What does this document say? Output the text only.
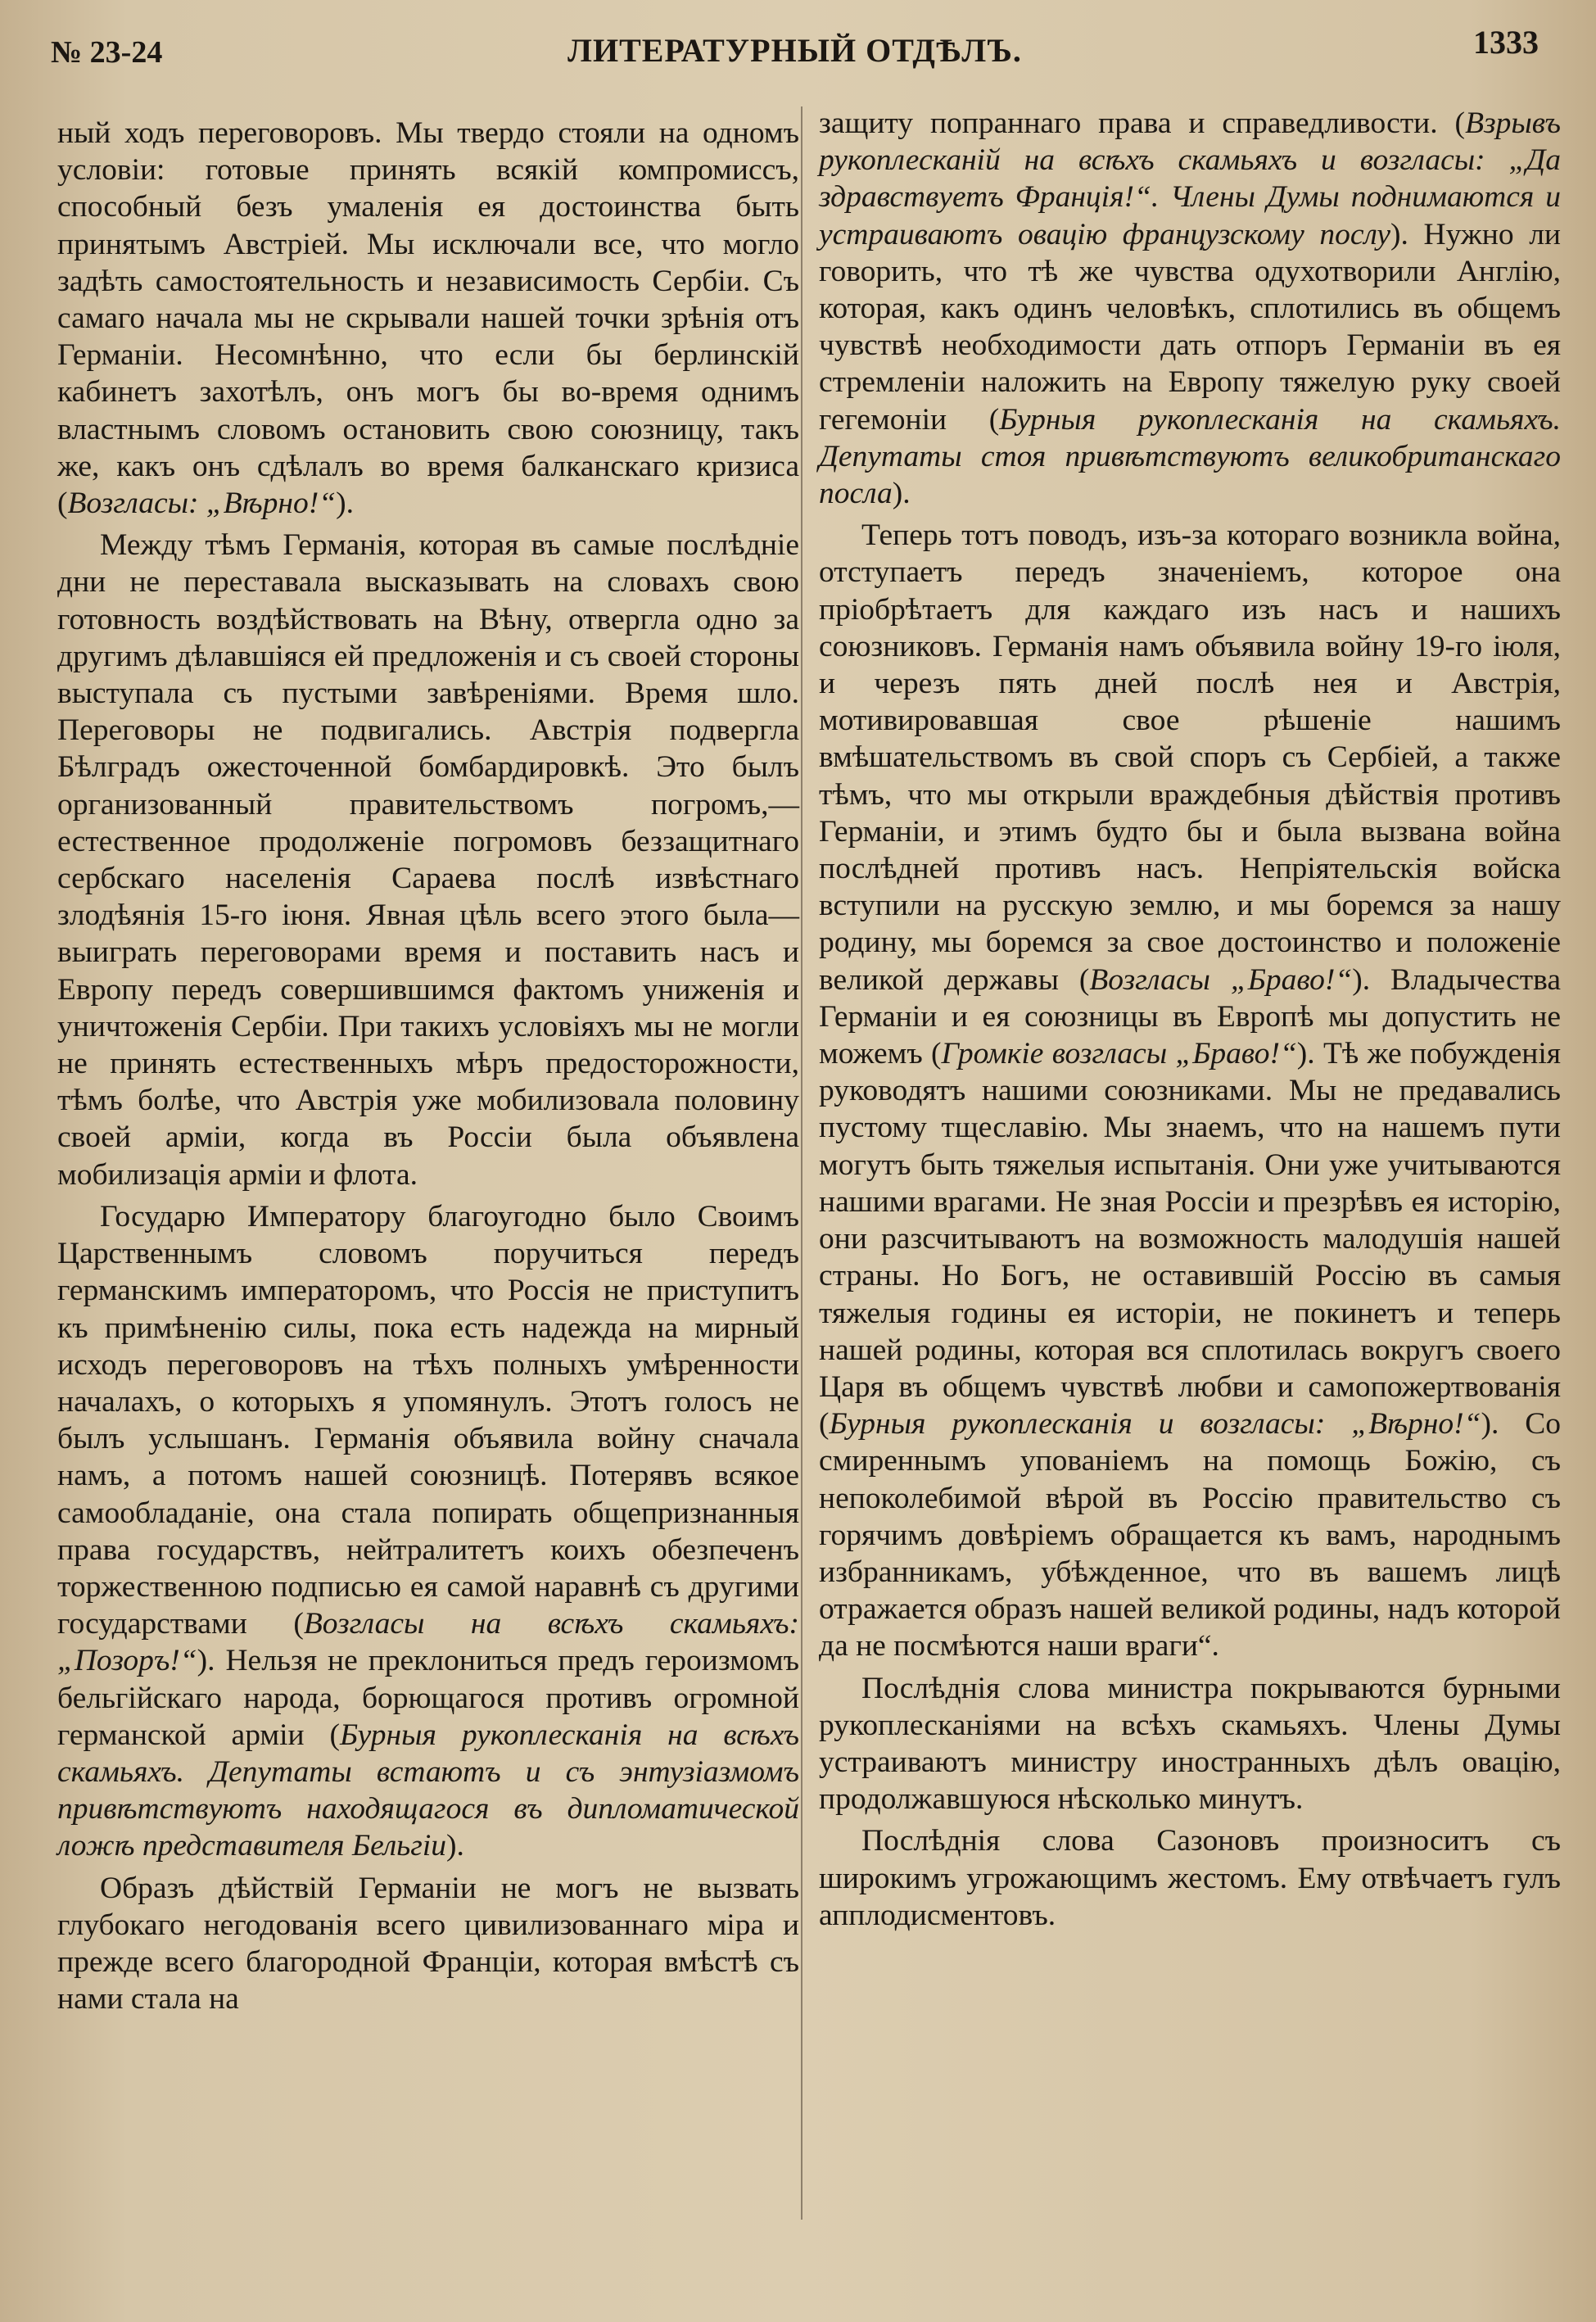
№ 23-24	ЛИТЕРАТУРНЫЙ ОТДѢЛЪ.	1333

ный ходъ переговоровъ. Мы твердо стояли на одномъ условіи: готовые принять всякій компромиссъ, способный безъ умаленія ея достоинства быть принятымъ Австріей. Мы исключали все, что могло задѣть самостоятельность и независимость Сербіи. Съ самаго начала мы не скрывали нашей точки зрѣнія отъ Германіи. Несомнѣнно, что если бы берлинскій кабинетъ захотѣлъ, онъ могъ бы во-время однимъ властнымъ словомъ остановить свою союзницу, такъ же, какъ онъ сдѣлалъ во время балканскаго кризиса (Возгласы: „Вѣрно!“).

Между тѣмъ Германія, которая въ самые послѣдніе дни не переставала высказывать на словахъ свою готовность воздѣйствовать на Вѣну, отвергла одно за другимъ дѣлавшіяся ей предложенія и съ своей стороны выступала съ пустыми завѣреніями. Время шло. Переговоры не подвигались. Австрія подвергла Бѣлградъ ожесточенной бомбардировкѣ. Это былъ организованный правительствомъ погромъ,— естественное продолженіе погромовъ беззащитнаго сербскаго населенія Сараева послѣ извѣстнаго злодѣянія 15-го іюня. Явная цѣль всего этого была—выиграть переговорами время и поставить насъ и Европу передъ совершившимся фактомъ униженія и уничтоженія Сербіи. При такихъ условіяхъ мы не могли не принять естественныхъ мѣръ предосторожности, тѣмъ болѣе, что Австрія уже мобилизовала половину своей арміи, когда въ Россіи была объявлена мобилизація арміи и флота.

Государю Императору благоугодно было Своимъ Царственнымъ словомъ поручиться передъ германскимъ императоромъ, что Россія не приступитъ къ примѣненію силы, пока есть надежда на мирный исходъ переговоровъ на тѣхъ полныхъ умѣренности началахъ, о которыхъ я упомянулъ. Этотъ голосъ не былъ услышанъ. Германія объявила войну сначала намъ, а потомъ нашей союзницѣ. Потерявъ всякое самообладаніе, она стала попирать общепризнанныя права государствъ, нейтралитетъ коихъ обезпеченъ торжественною подписью ея самой наравнѣ съ другими государствами (Возгласы на всѣхъ скамьяхъ: „Позоръ!“). Нельзя не преклониться предъ героизмомъ бельгійскаго народа, борющагося противъ огромной германской арміи (Бурныя рукоплесканія на всѣхъ скамьяхъ. Депутаты встаютъ и съ энтузіазмомъ привѣтствуютъ находящагося въ дипломатической ложѣ представителя Бельгіи).

Образъ дѣйствій Германіи не могъ не вызвать глубокаго негодованія всего цивилизованнаго міра и прежде всего благородной Франціи, которая вмѣстѣ съ нами стала на

защиту попраннаго права и справедливости. (Взрывъ рукоплесканій на всѣхъ скамьяхъ и возгласы: „Да здравствуетъ Франція!“. Члены Думы поднимаются и устраиваютъ овацію французскому послу). Нужно ли говорить, что тѣ же чувства одухотворили Англію, которая, какъ одинъ человѣкъ, сплотились въ общемъ чувствѣ необходимости дать отпоръ Германіи въ ея стремленіи наложить на Европу тяжелую руку своей гегемоніи (Бурныя рукоплесканія на скамьяхъ. Депутаты стоя привѣтствуютъ великобританскаго посла).

Теперь тотъ поводъ, изъ-за котораго возникла война, отступаетъ передъ значеніемъ, которое она пріобрѣтаетъ для каждаго изъ насъ и нашихъ союзниковъ. Германія намъ объявила войну 19-го іюля, и черезъ пять дней послѣ нея и Австрія, мотивировавшая свое рѣшеніе нашимъ вмѣшательствомъ въ свой споръ съ Сербіей, а также тѣмъ, что мы открыли враждебныя дѣйствія противъ Германіи, и этимъ будто бы и была вызвана война послѣдней противъ насъ. Непріятельскія войска вступили на русскую землю, и мы боремся за нашу родину, мы боремся за свое достоинство и положеніе великой державы (Возгласы „Браво!“). Владычества Германіи и ея союзницы въ Европѣ мы допустить не можемъ (Громкіе возгласы „Браво!“). Тѣ же побужденія руководятъ нашими союзниками. Мы не предавались пустому тщеславію. Мы знаемъ, что на нашемъ пути могутъ быть тяжелыя испытанія. Они уже учитываются нашими врагами. Не зная Россіи и презрѣвъ ея исторію, они разсчитываютъ на возможность малодушія нашей страны. Но Богъ, не оставившій Россію въ самыя тяжелыя годины ея исторіи, не покинетъ и теперь нашей родины, которая вся сплотилась вокругъ своего Царя въ общемъ чувствѣ любви и самопожертвованія (Бурныя рукоплесканія и возгласы: „Вѣрно!“). Со смиреннымъ упованіемъ на помощь Божію, съ непоколебимой вѣрой въ Россію правительство съ горячимъ довѣріемъ обращается къ вамъ, народнымъ избранникамъ, убѣжденное, что въ вашемъ лицѣ отражается образъ нашей великой родины, надъ которой да не посмѣются наши враги“.

Послѣднія слова министра покрываются бурными рукоплесканіями на всѣхъ скамьяхъ. Члены Думы устраиваютъ министру иностранныхъ дѣлъ овацію, продолжавшуюся нѣсколько минутъ.

Послѣднія слова Сазоновъ произноситъ съ широкимъ угрожающимъ жестомъ. Ему отвѣчаетъ гулъ апплодисментовъ.
